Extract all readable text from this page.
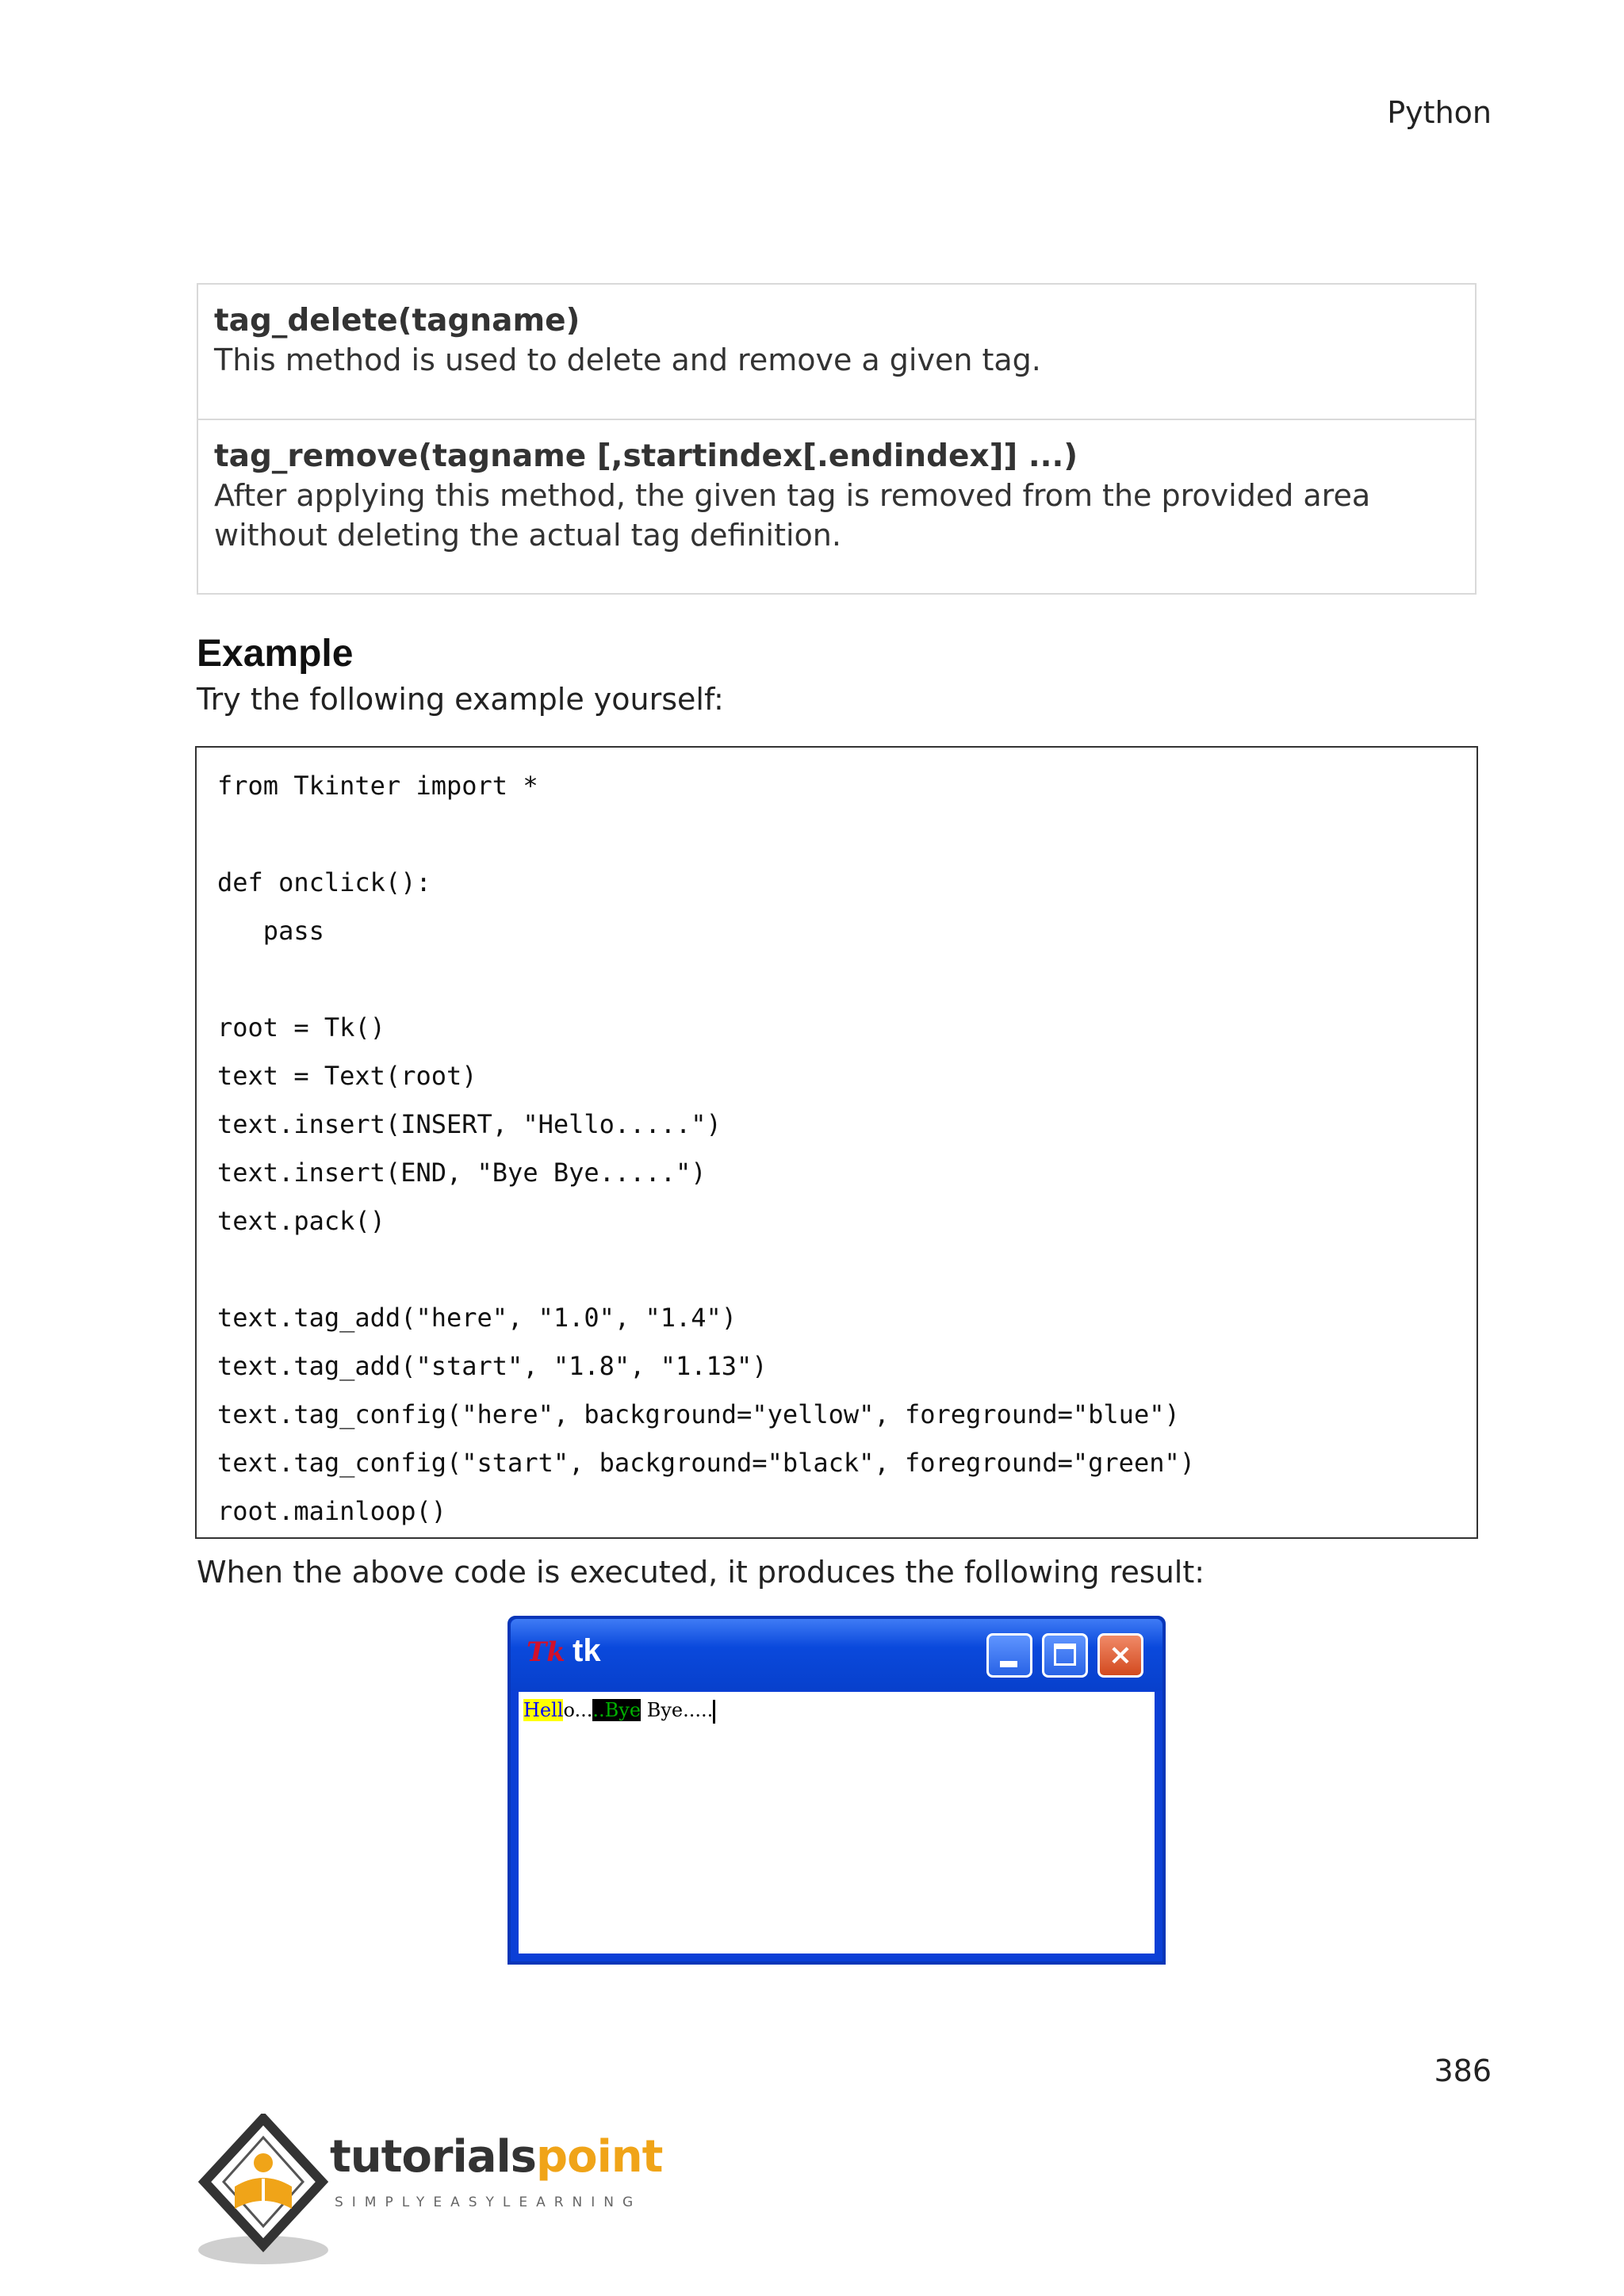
Python
tag_delete(tagname)
This method is used to delete and remove a given tag.
tag_remove(tagname [,startindex[.endindex]] ...)
After applying this method, the given tag is removed from the provided area
without deleting the actual tag definition.
Example
Try the following example yourself:
from Tkinter import *
def onclick():
pass
root = Tk()
text = Text(root)
text.insert(INSERT, "Hello.....")
text.insert(END, "Bye Bye.....")
text.pack()
text.tag_add("here", "1.0", "1.4")
text.tag_add("start", "1.8", "1.13")
text.tag_config("here", background="yellow", foreground="blue")
text.tag_config("start", background="black", foreground="green")
root.mainloop()
When the above code is executed, it produces the following result:
Tk tk	×
Hello.....Bye Bye.....
386
tutorialspoint
SIMPLYEASYLEARNING
